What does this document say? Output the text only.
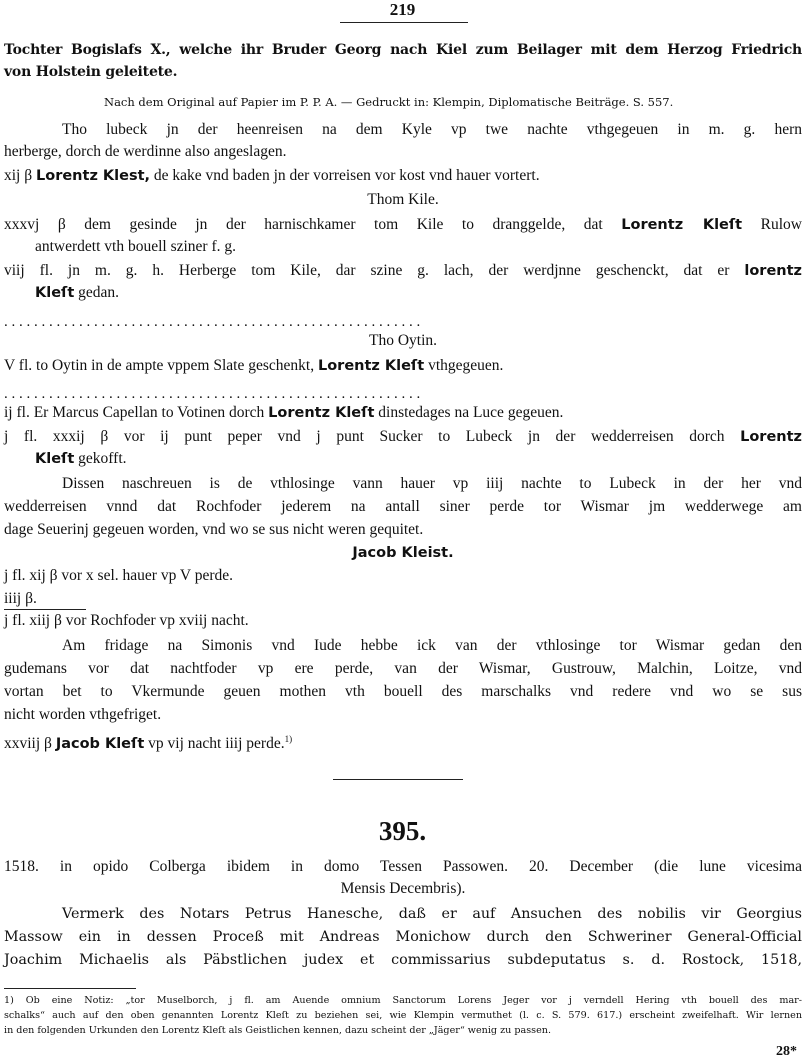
219
Tochter Bogislafs X., welche ihr Bruder Georg nach Kiel zum Beilager mit dem Herzog Friedrich
von Holstein geleitete.
Nach dem Original auf Papier im P. P. A. — Gedruckt in: Klempin, Diplomatische Beiträge. S. 557.
Tho lubeck jn der heenreisen na dem Kyle vp twe nachte vthgegeuen in m. g. hern
herberge, dorch de werdinne also angeslagen.
xij β Lorentz Klest, de kake vnd baden jn der vorreisen vor kost vnd hauer vortert.
Thom Kile.
xxxvj β dem gesinde jn der harnischkamer tom Kile to dranggelde, dat Lorentz Kleſt Rulow
antwerdett vth bouell sziner f. g.
viij fl. jn m. g. h. Herberge tom Kile, dar szine g. lach, der werdjnne geschenckt, dat er lorentz
Kleſt gedan.
. . . . . . . . . . . . . . . . . . . . . . . . . . . . . . . . . . . . . . . . . . . . . . . . . . . . . . . .
Tho Oytin.
V fl. to Oytin in de ampte vppem Slate geschenkt, Lorentz Kleſt vthgegeuen.
. . . . . . . . . . . . . . . . . . . . . . . . . . . . . . . . . . . . . . . . . . . . . . . . . . . . . . . .
ij fl. Er Marcus Capellan to Votinen dorch Lorentz Kleſt dinstedages na Luce gegeuen.
j fl. xxxij β vor ij punt peper vnd j punt Sucker to Lubeck jn der wedderreisen dorch Lorentz
Kleſt gekofft.
Dissen naschreuen is de vthlosinge vann hauer vp iiij nachte to Lubeck in der her vnd
wedderreisen vnnd dat Rochfoder jederem na antall siner perde tor Wismar jm wedderwege am
dage Seuerinj gegeuen worden, vnd wo se sus nicht weren gequitet.
Jacob Kleist.
j fl. xij β vor x sel. hauer vp V perde.
iiij β.
j fl. xiij β vor Rochfoder vp xviij nacht.
Am fridage na Simonis vnd Iude hebbe ick van der vthlosinge tor Wismar gedan den
gudemans vor dat nachtfoder vp ere perde, van der Wismar, Gustrouw, Malchin, Loitze, vnd
vortan bet to Vkermunde geuen mothen vth bouell des marschalks vnd redere vnd wo se sus
nicht worden vthgefriget.
xxviij β Jacob Kleſt vp vij nacht iiij perde.$^{1)}$
395.
1518. in opido Colberga ibidem in domo Tessen Passowen. 20. December (die lune vicesima
Mensis Decembris).
Vermerk des Notars Petrus Hanesche, daß er auf Ansuchen des nobilis vir Georgius
Massow ein in dessen Proceß mit Andreas Monichow durch den Schweriner General-Official
Joachim Michaelis als Päbstlichen judex et commissarius subdeputatus s. d. Rostock, 1518,
1) Ob eine Notiz: „tor Muselborch, j fl. am Auende omnium Sanctorum Lorens Jeger vor j verndell Hering vth bouell des mar-
schalks“ auch auf den oben genannten Lorentz Kleſt zu beziehen sei, wie Klempin vermuthet (l. c. S. 579. 617.) erscheint zweifelhaft. Wir lernen
in den folgenden Urkunden den Lorentz Kleſt als Geistlichen kennen, dazu scheint der „Jäger“ wenig zu passen.
28*
